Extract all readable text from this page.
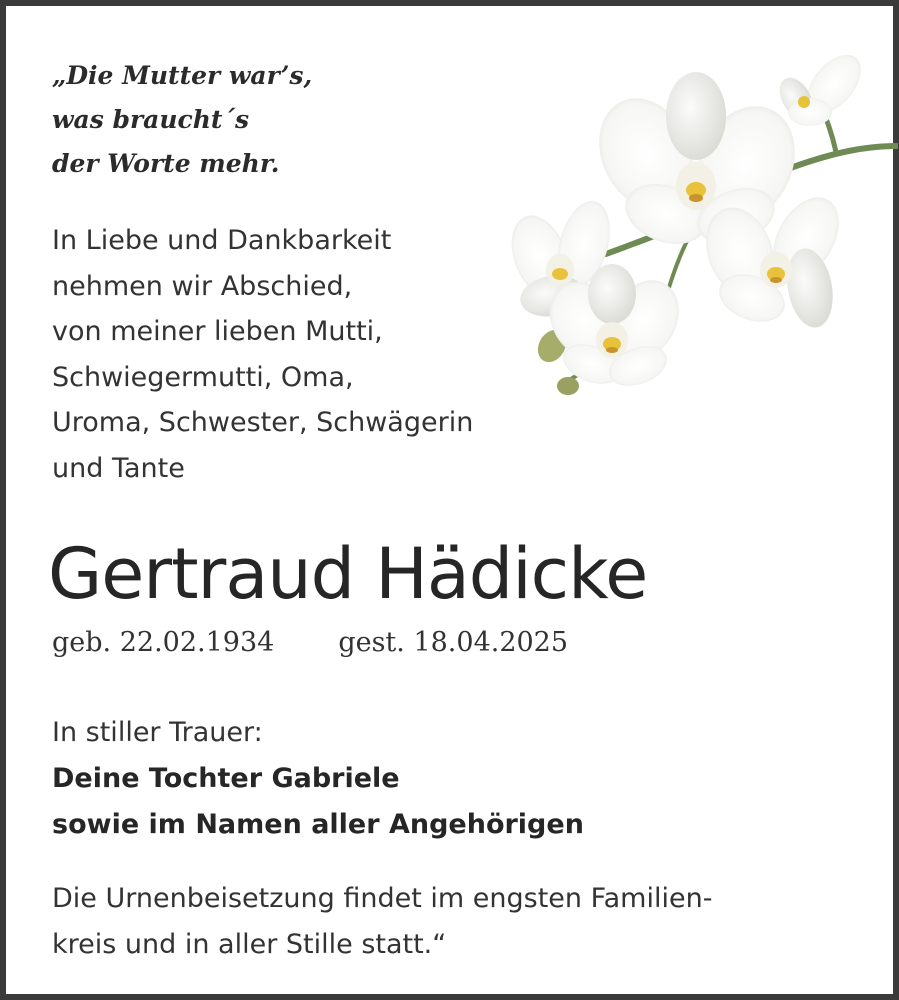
„Die Mutter war’s,
was braucht´s
der Worte mehr.
In Liebe und Dankbarkeit
nehmen wir Abschied,
von meiner lieben Mutti,
Schwiegermutti, Oma,
Uroma, Schwester, Schwägerin
und Tante
Gertraud Hädicke
geb. 22.02.1934 gest. 18.04.2025
In stiller Trauer:
Deine Tochter Gabriele
sowie im Namen aller Angehörigen
Die Urnenbeisetzung findet im engsten Familien-
kreis und in aller Stille statt.“
